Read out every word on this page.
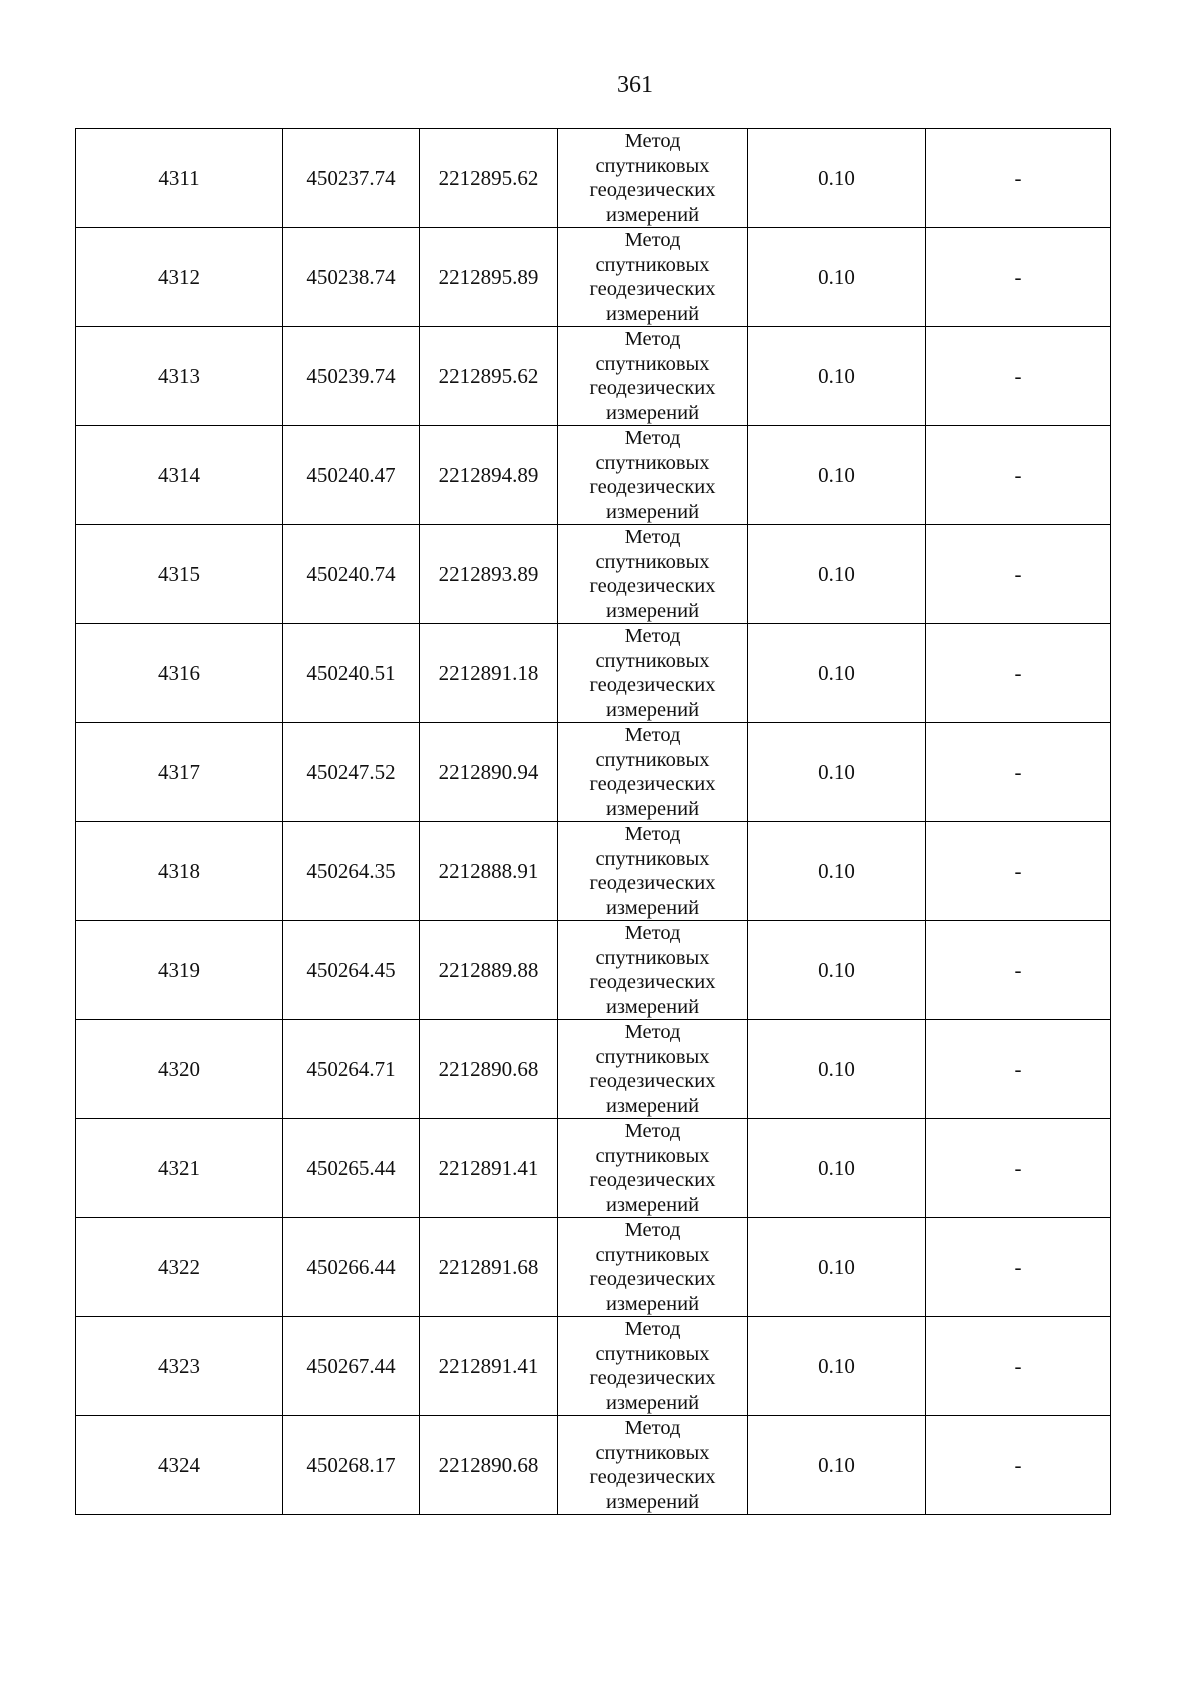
361
4311	450237.74	2212895.62	Метод
спутниковых
геодезических
измерений	0.10	-
4312	450238.74	2212895.89	Метод
спутниковых
геодезических
измерений	0.10	-
4313	450239.74	2212895.62	Метод
спутниковых
геодезических
измерений	0.10	-
4314	450240.47	2212894.89	Метод
спутниковых
геодезических
измерений	0.10	-
4315	450240.74	2212893.89	Метод
спутниковых
геодезических
измерений	0.10	-
4316	450240.51	2212891.18	Метод
спутниковых
геодезических
измерений	0.10	-
4317	450247.52	2212890.94	Метод
спутниковых
геодезических
измерений	0.10	-
4318	450264.35	2212888.91	Метод
спутниковых
геодезических
измерений	0.10	-
4319	450264.45	2212889.88	Метод
спутниковых
геодезических
измерений	0.10	-
4320	450264.71	2212890.68	Метод
спутниковых
геодезических
измерений	0.10	-
4321	450265.44	2212891.41	Метод
спутниковых
геодезических
измерений	0.10	-
4322	450266.44	2212891.68	Метод
спутниковых
геодезических
измерений	0.10	-
4323	450267.44	2212891.41	Метод
спутниковых
геодезических
измерений	0.10	-
4324	450268.17	2212890.68	Метод
спутниковых
геодезических
измерений	0.10	-
